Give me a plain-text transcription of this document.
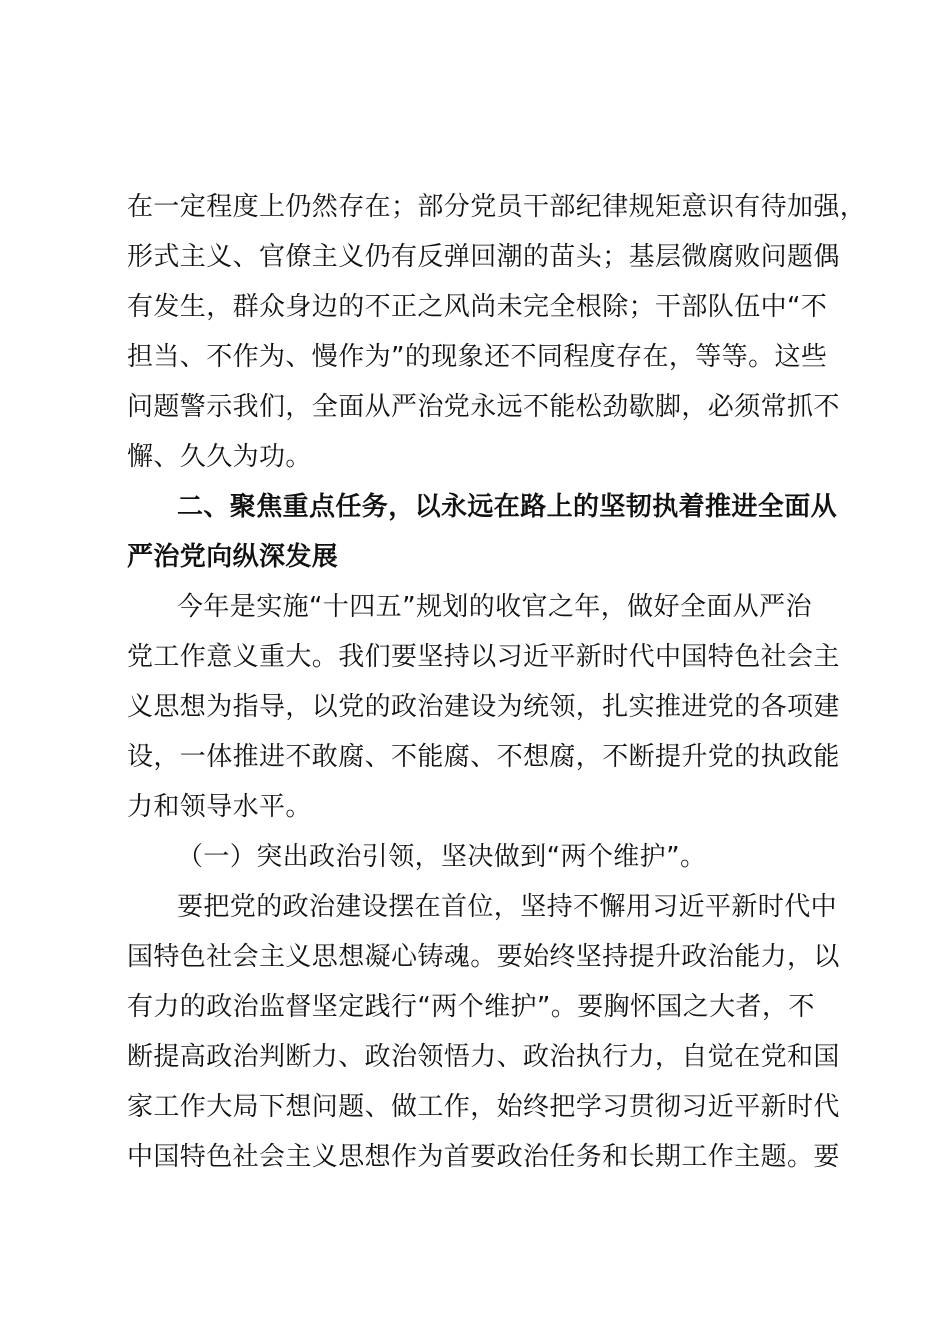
在一定程度上仍然存在；部分党员干部纪律规矩意识有待加强，
形式主义、官僚主义仍有反弹回潮的苗头；基层微腐败问题偶
有发生，群众身边的不正之风尚未完全根除；干部队伍中“不
担当、不作为、慢作为”的现象还不同程度存在，等等。这些
问题警示我们，全面从严治党永远不能松劲歇脚，必须常抓不
懈、久久为功。
二、聚焦重点任务，以永远在路上的坚韧执着推进全面从
严治党向纵深发展
今年是实施“十四五”规划的收官之年，做好全面从严治
党工作意义重大。我们要坚持以习近平新时代中国特色社会主
义思想为指导，以党的政治建设为统领，扎实推进党的各项建
设，一体推进不敢腐、不能腐、不想腐，不断提升党的执政能
力和领导水平。
（一）突出政治引领，坚决做到“两个维护”。
要把党的政治建设摆在首位，坚持不懈用习近平新时代中
国特色社会主义思想凝心铸魂。要始终坚持提升政治能力，以
有力的政治监督坚定践行“两个维护”。要胸怀国之大者，不
断提高政治判断力、政治领悟力、政治执行力，自觉在党和国
家工作大局下想问题、做工作，始终把学习贯彻习近平新时代
中国特色社会主义思想作为首要政治任务和长期工作主题。要
